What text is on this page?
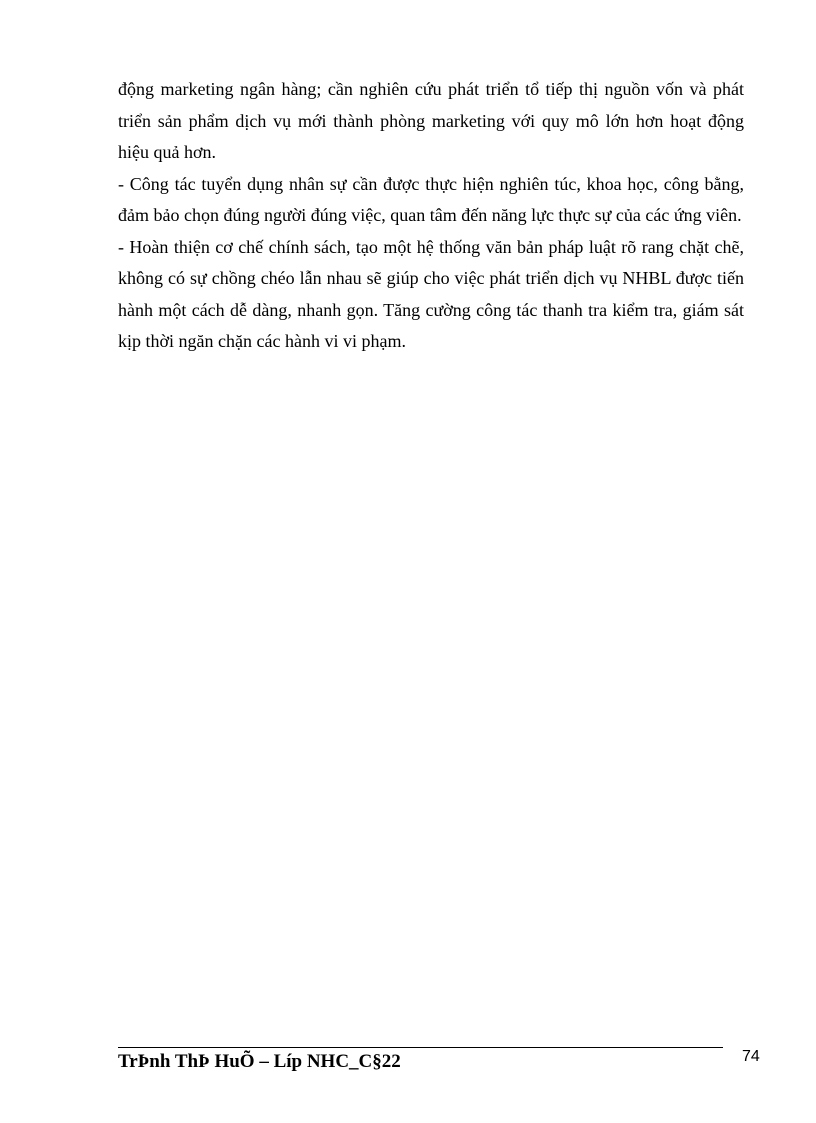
động marketing ngân hàng; cần nghiên cứu phát triển tổ tiếp thị nguồn vốn và phát triển sản phẩm dịch vụ mới thành phòng marketing với quy mô lớn hơn hoạt động hiệu quả hơn.

- Công tác tuyển dụng nhân sự cần được thực hiện nghiên túc, khoa học, công bằng, đảm bảo chọn đúng người đúng việc, quan tâm đến năng lực thực sự của các ứng viên.

- Hoàn thiện cơ chế chính sách, tạo một hệ thống văn bản pháp luật rõ rang chặt chẽ, không có sự chồng chéo lẫn nhau sẽ giúp cho việc phát triển dịch vụ NHBL được tiến hành một cách dễ dàng, nhanh gọn. Tăng cường công tác thanh tra kiểm tra, giám sát kịp thời ngăn chặn các hành vi vi phạm.

TrÞnh ThÞ HuÕ – Líp NHC_C§22	74
